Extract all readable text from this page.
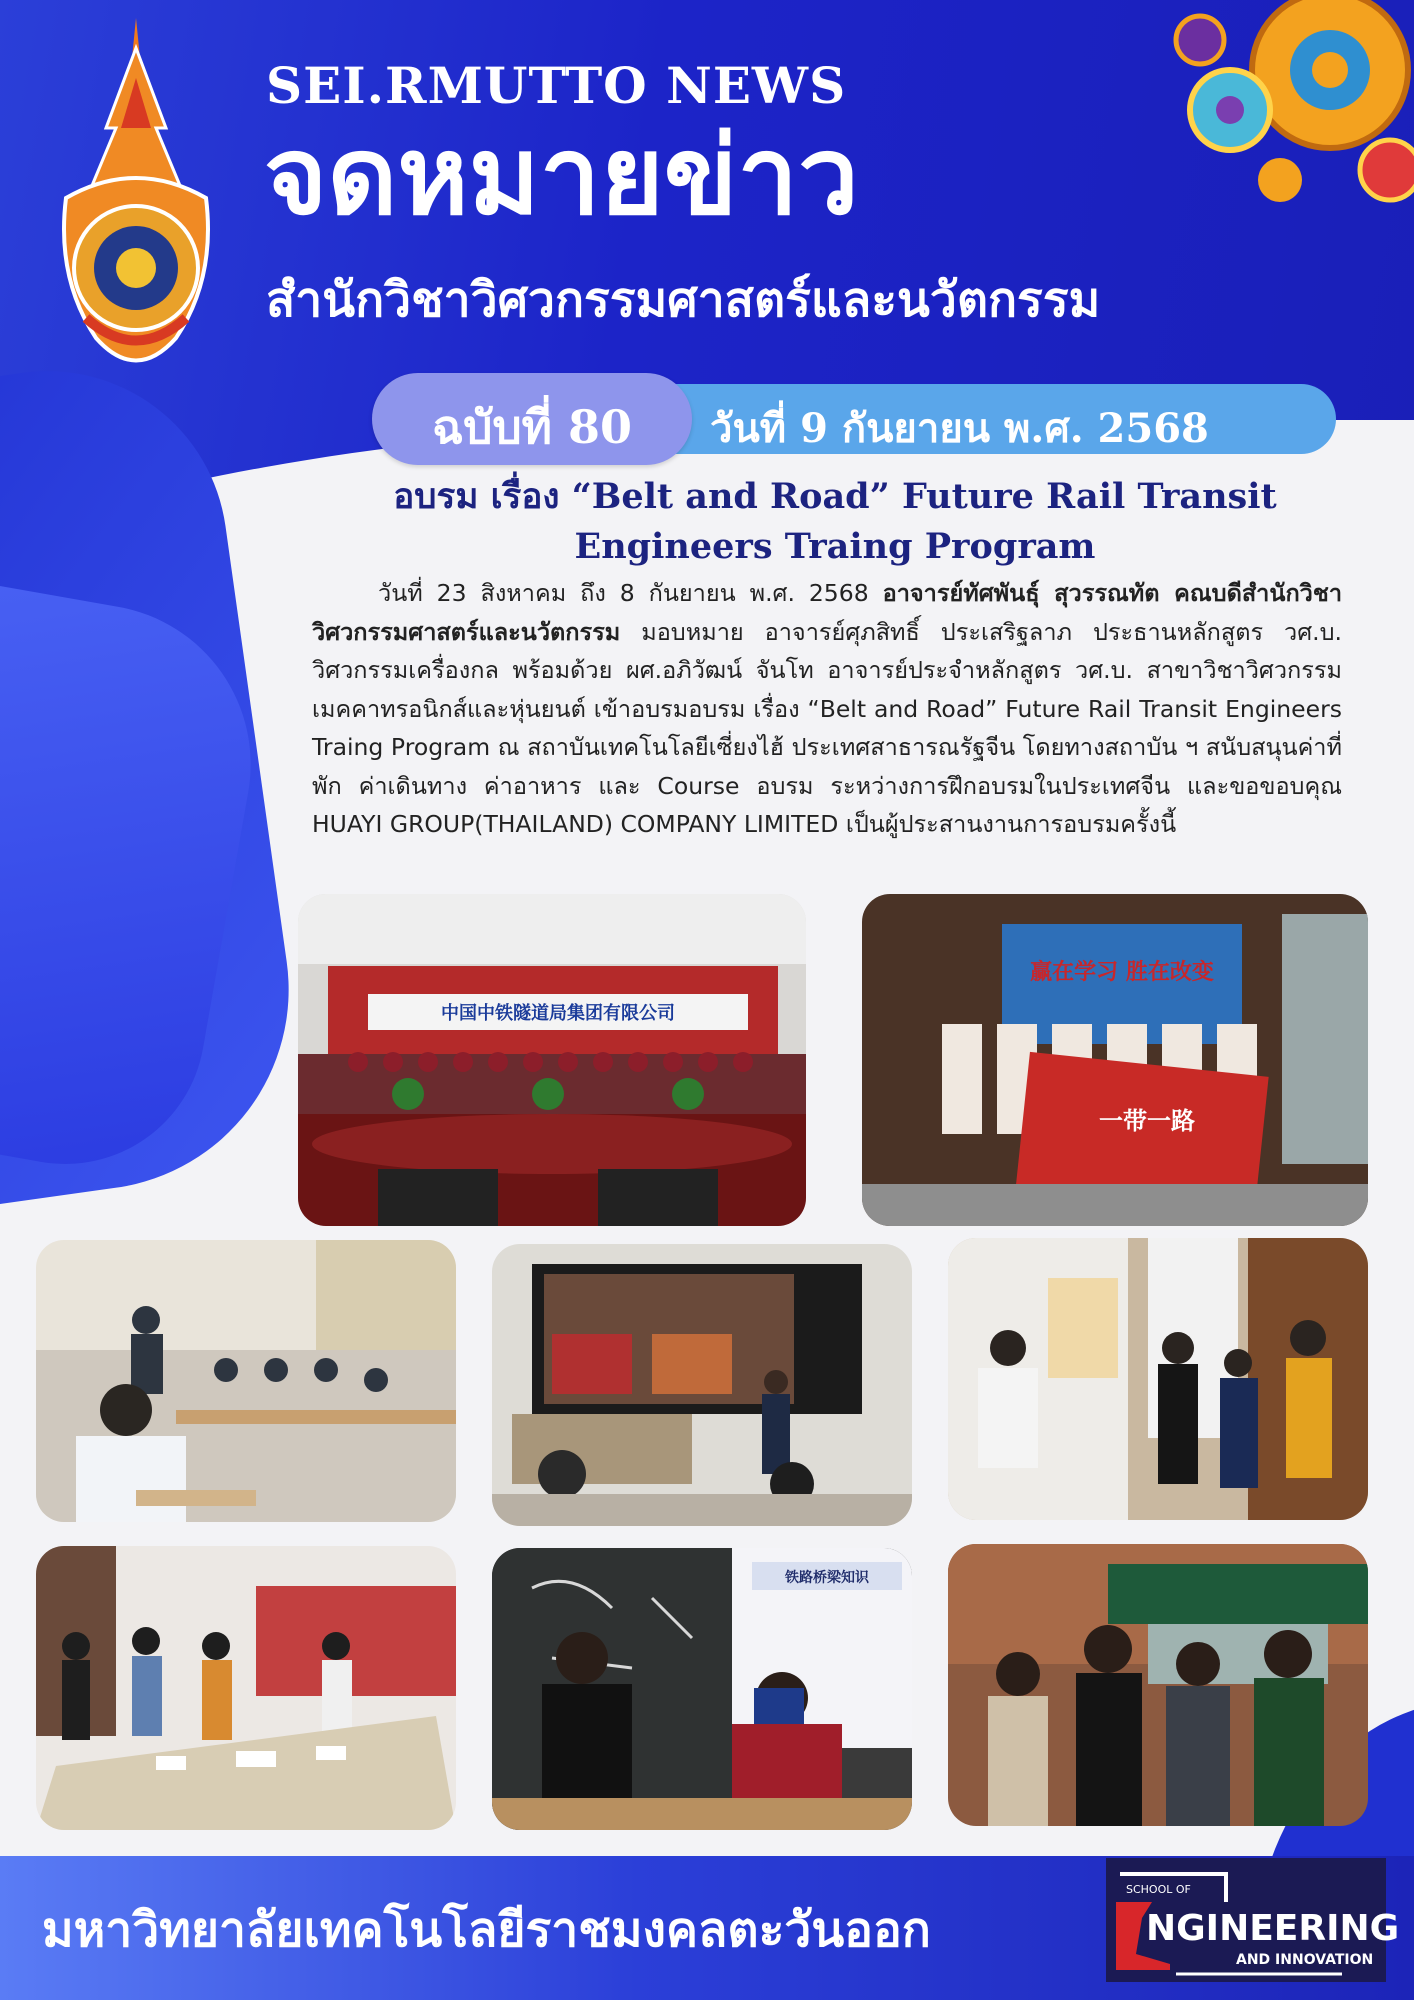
SEI.RMUTTO NEWS
จดหมายข่าว
สำนักวิชาวิศวกรรมศาสตร์และนวัตกรรม
วันที่ 9 กันยายน พ.ศ. 2568
ฉบับที่ 80
อบรม เรื่อง “Belt and Road” Future Rail Transit
Engineers Traing Program
วันที่ 23 สิงหาคม ถึง 8 กันยายน พ.ศ. 2568 อาจารย์ทัศพันธุ์ สุวรรณทัต คณบดีสำนักวิชาวิศวกรรมศาสตร์และนวัตกรรม มอบหมาย อาจารย์ศุภสิทธิ์ ประเสริฐลาภ ประธานหลักสูตร วศ.บ. วิศวกรรมเครื่องกล พร้อมด้วย ผศ.อภิวัฒน์ จันโท อาจารย์ประจำหลักสูตร วศ.บ. สาขาวิชาวิศวกรรมเมคคาทรอนิกส์และหุ่นยนต์ เข้าอบรมอบรม เรื่อง “Belt and Road” Future Rail Transit Engineers Traing Program ณ สถาบันเทคโนโลยีเซี่ยงไฮ้ ประเทศสาธารณรัฐจีน โดยทางสถาบัน ฯ สนับสนุนค่าที่พัก ค่าเดินทาง ค่าอาหาร และ Course อบรม ระหว่างการฝึกอบรมในประเทศจีน และขอขอบคุณ HUAYI GROUP(THAILAND) COMPANY LIMITED เป็นผู้ประสานงานการอบรมครั้งนี้
中国中铁隧道局集团有限公司
赢在学习 胜在改变
一带一路
铁路桥梁知识
มหาวิทยาลัยเทคโนโลยีราชมงคลตะวันออก
SCHOOL OF
NGINEERING
AND INNOVATION
